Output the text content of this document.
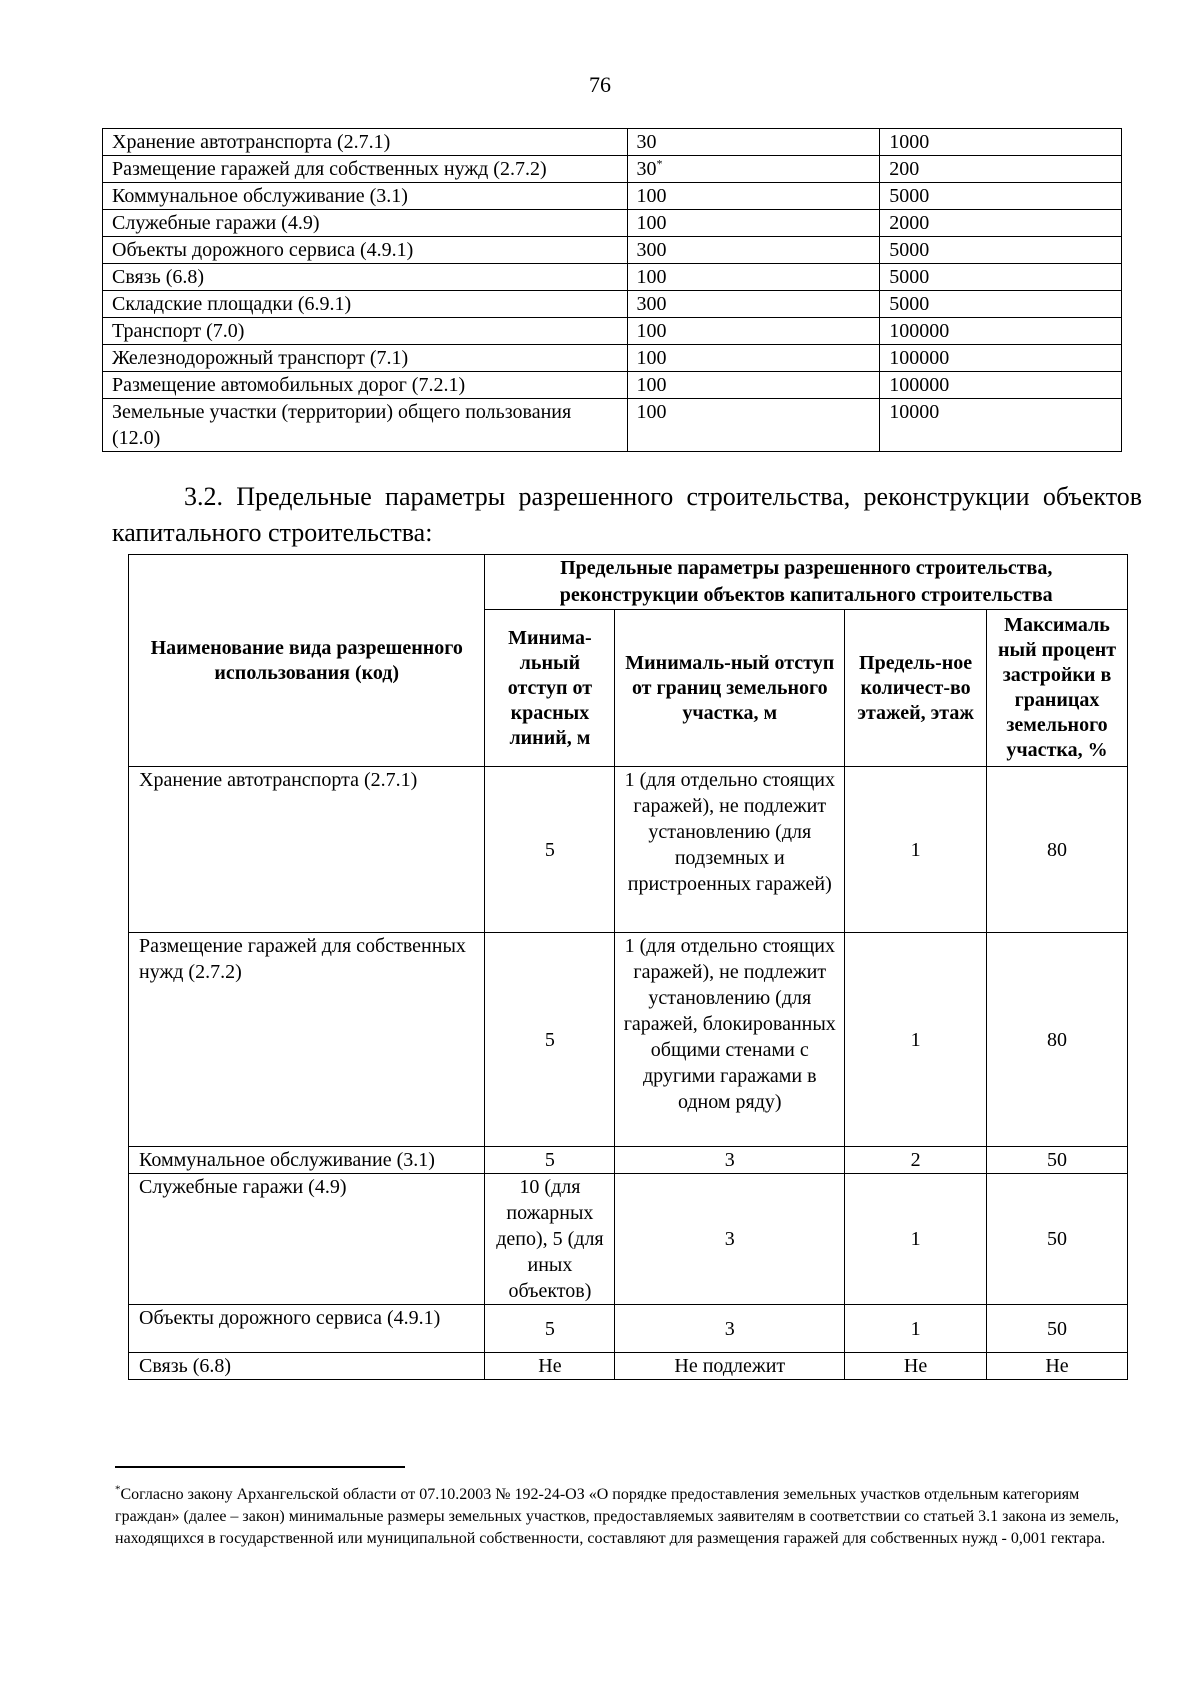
76
Хранение автотранспорта (2.7.1)	30	1000
Размещение гаражей для собственных нужд (2.7.2)	30*	200
Коммунальное обслуживание (3.1)	100	5000
Служебные гаражи (4.9)	100	2000
Объекты дорожного сервиса (4.9.1)	300	5000
Связь (6.8)	100	5000
Складские площадки (6.9.1)	300	5000
Транспорт (7.0)	100	100000
Железнодорожный транспорт (7.1)	100	100000
Размещение автомобильных дорог (7.2.1)	100	100000
Земельные участки (территории) общего пользования (12.0)	100	10000
3.2. Предельные параметры разрешенного строительства, реконструкции объектов капитального строительства:
Наименование вида разрешенного использования (код)	Предельные параметры разрешенного строительства, реконструкции объектов капитального строительства			
	Минима-льный отступ от красных линий, м	Минималь-ный отступ от границ земельного участка, м	Предель-ное количест-во этажей, этаж	Максималь ный процент застройки в границах земельного участка, %
Хранение автотранспорта (2.7.1)	5	1 (для отдельно стоящих гаражей), не подлежит установлению (для подземных и пристроенных гаражей)	1	80
Размещение гаражей для собственных нужд (2.7.2)	5	1 (для отдельно стоящих гаражей), не подлежит установлению (для гаражей, блокированных общими стенами с другими гаражами в одном ряду)	1	80
Коммунальное обслуживание (3.1)	5	3	2	50
Служебные гаражи (4.9)	10 (для пожарных депо), 5 (для иных объектов)	3	1	50
Объекты дорожного сервиса (4.9.1)	5	3	1	50
Связь (6.8)	Не	Не подлежит	Не	Не
*Согласно закону Архангельской области от 07.10.2003 № 192-24-ОЗ «О порядке предоставления земельных участков отдельным категориям граждан» (далее – закон) минимальные размеры земельных участков, предоставляемых заявителям в соответствии со статьей 3.1 закона из земель, находящихся в государственной или муниципальной собственности, составляют для размещения гаражей для собственных нужд - 0,001 гектара.
